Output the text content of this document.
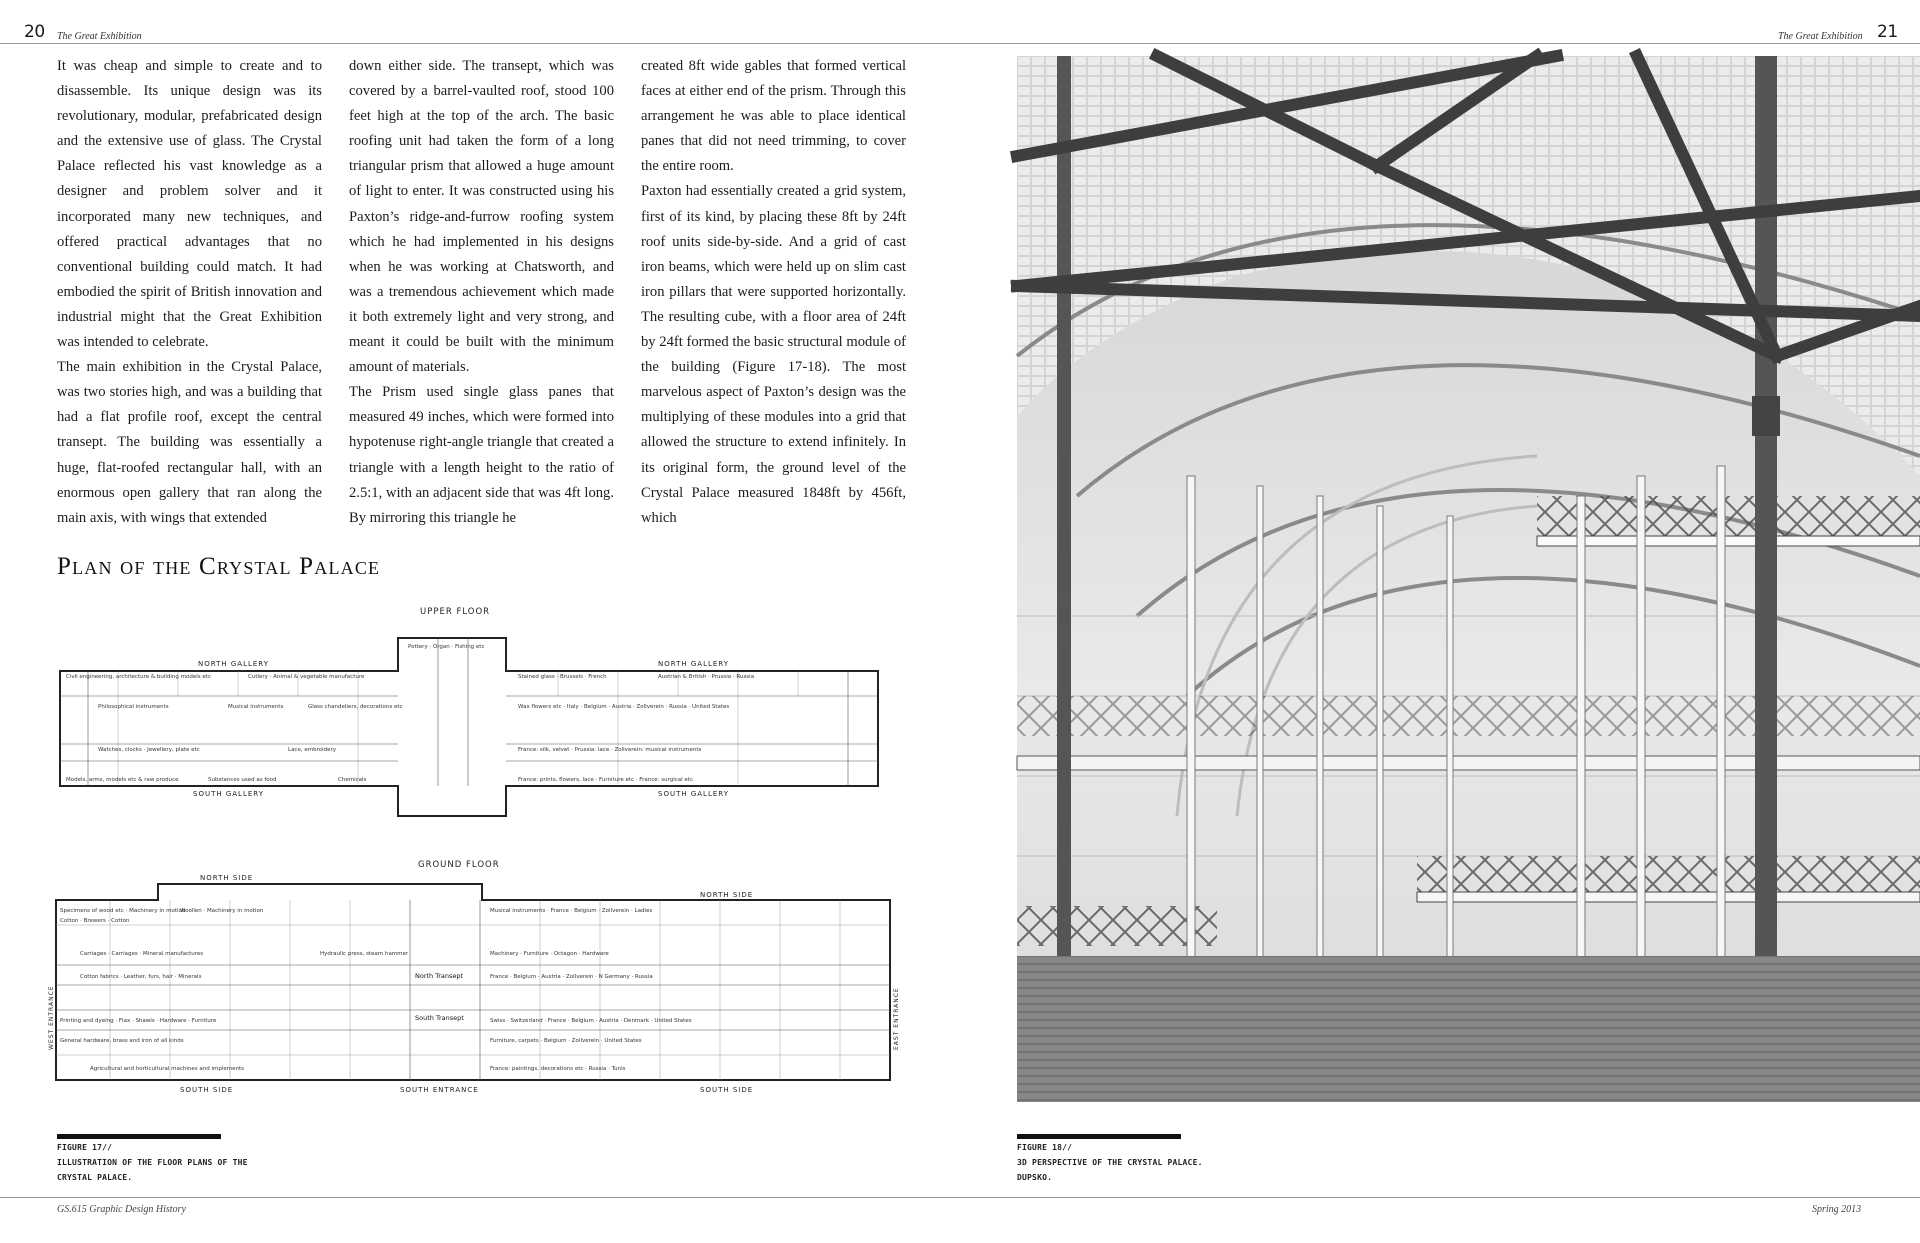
20 The Great Exhibition	The Great Exhibition 21

It was cheap and simple to create and to disassemble. Its unique design was its revolutionary, modular, prefabricated design and the extensive use of glass. The Crystal Palace reflected his vast knowledge as a designer and problem solver and it incorporated many new techniques, and offered practical advantages that no conventional building could match. It had embodied the spirit of British innovation and industrial might that the Great Exhibition was intended to celebrate.

The main exhibition in the Crystal Palace, was two stories high, and was a building that had a flat profile roof, except the central transept. The building was essentially a huge, flat-roofed rectangular hall, with an enormous open gallery that ran along the main axis, with wings that extended

down either side. The transept, which was covered by a barrel-vaulted roof, stood 100 feet high at the top of the arch. The basic roofing unit had taken the form of a long triangular prism that allowed a huge amount of light to enter. It was constructed using his Paxton’s ridge-and-furrow roofing system which he had implemented in his designs when he was working at Chatsworth, and was a tremendous achievement which made it both extremely light and very strong, and meant it could be built with the minimum amount of materials.

The Prism used single glass panes that measured 49 inches, which were formed into hypotenuse right-angle triangle that created a triangle with a length height to the ratio of 2.5:1, with an adjacent side that was 4ft long. By mirroring this triangle he

created 8ft wide gables that formed vertical faces at either end of the prism. Through this arrangement he was able to place identical panes that did not need trimming, to cover the entire room.

Paxton had essentially created a grid system, first of its kind, by placing these 8ft by 24ft roof units side-by-side. And a grid of cast iron beams, which were held up on slim cast iron pillars that were supported horizontally. The resulting cube, with a floor area of 24ft by 24ft formed the basic structural module of the building (Figure 17-18). The most marvelous aspect of Paxton’s design was the multiplying of these modules into a grid that allowed the structure to extend infinitely. In its original form, the ground level of the Crystal Palace measured 1848ft by 456ft, which

Plan of the Crystal Palace
UPPER FLOOR
Civil engineering, architecture & building models etc	Cutlery · Animal & vegetable manufacture	Stained glass · Brussels · French	Austrian & British · Prussia · Russia
Philosophical instruments	Musical instruments	Glass chandeliers, decorations etc	Wax flowers etc · Italy · Belgium · Austria · Zollverein · Russia · United States
Watches, clocks · Jewellery, plate etc	Lace, embroidery	France: silk, velvet · Prussia: lace · Zollverein: musical instruments
Models, arms, models etc & raw produce	Substances used as food	Chemicals	France: prints, flowers, lace · Furniture etc · France: surgical etc
Pottery · Organ · Fishing etc
NORTH GALLERY	NORTH GALLERY
SOUTH GALLERY	SOUTH GALLERY
GROUND FLOOR
Specimens of wood etc · Machinery in motion
Cotton · Brewers · Cotton
Woollen · Machinery in motion	Musical instruments · France · Belgium · Zollverein · Ladies
Carriages · Carriages · Mineral manufactures	Hydraulic press, steam hammer	Machinery · Furniture · Octagon · Hardware
Cotton fabrics · Leather, furs, hair · Minerals	France · Belgium · Austria · Zollverein · N Germany · Russia
Printing and dyeing · Flax · Shawls · Hardware · Furniture	Swiss · Switzerland · France · Belgium · Austria · Denmark · United States
General hardware, brass and iron of all kinds	Furniture, carpets · Belgium · Zollverein · United States
Agricultural and horticultural machines and implements	France: paintings, decorations etc · Russia · Tunis
North Transept
South Transept
NORTH SIDE
NORTH SIDE
SOUTH SIDE	SOUTH ENTRANCE	SOUTH SIDE
WEST ENTRANCE	EAST ENTRANCE
FIGURE 17//
ILLUSTRATION OF THE FLOOR PLANS OF THE
CRYSTAL PALACE.
FIGURE 18//
3D PERSPECTIVE OF THE CRYSTAL PALACE.
DUPSKO.
GS.615 Graphic Design History	Spring 2013
